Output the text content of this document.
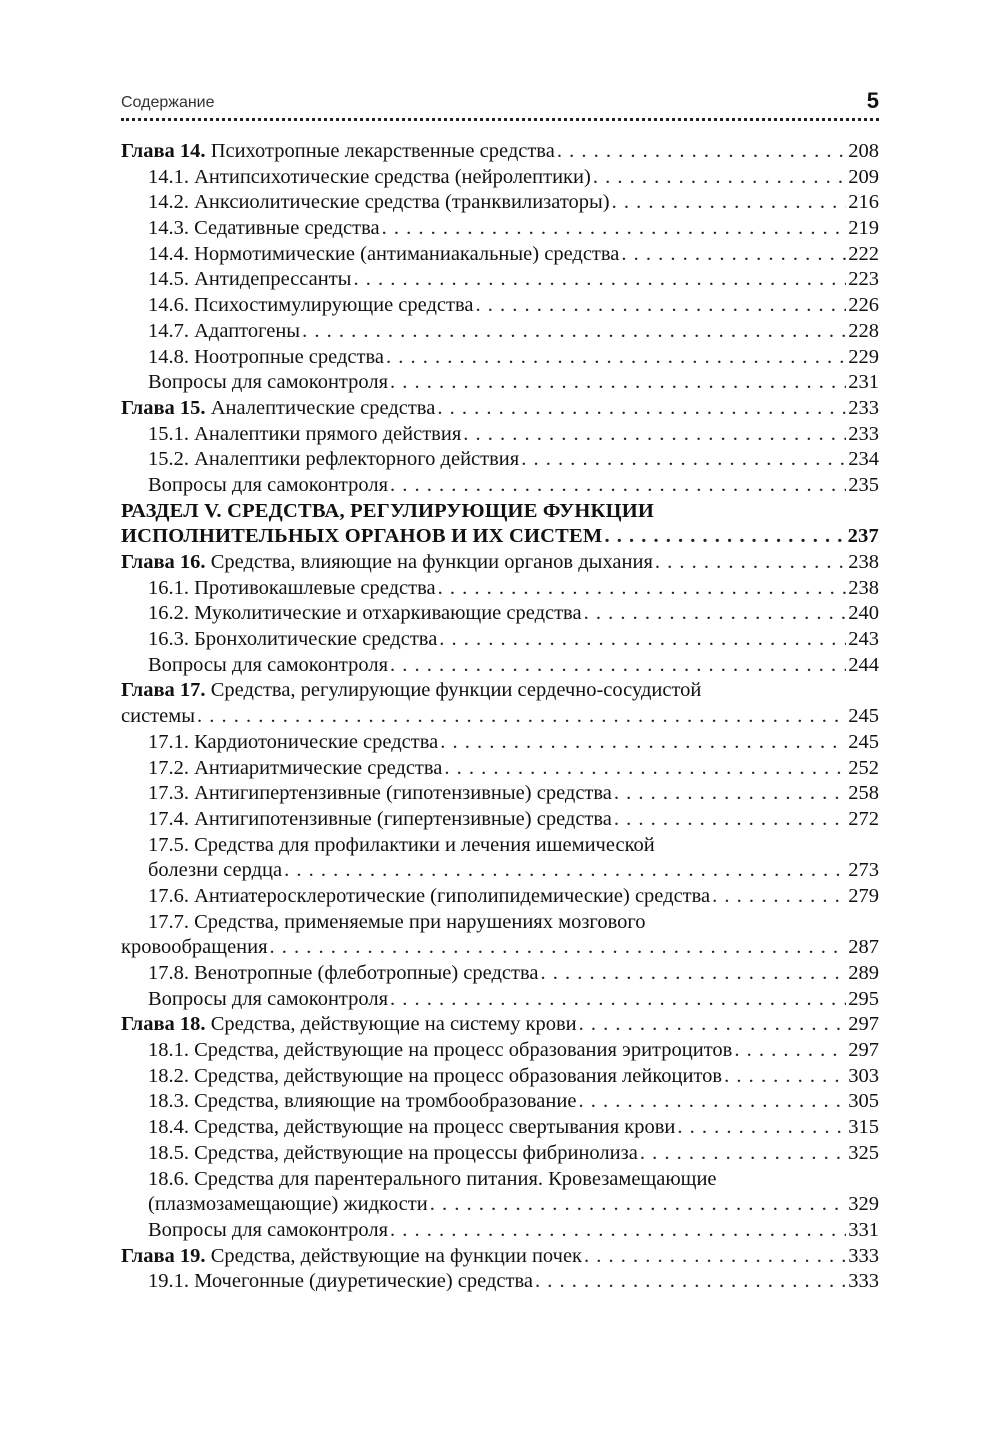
Содержание	5
Глава 14. Психотропные лекарственные средства . . .	208
14.1. Антипсихотические средства (нейролептики) . . .	209
14.2. Анксиолитические средства (транквилизаторы) . . .	216
14.3. Седативные средства . . .	219
14.4. Нормотимические (антиманиакальные) средства . . .	222
14.5. Антидепрессанты . . .	223
14.6. Психостимулирующие средства . . .	226
14.7. Адаптогены . . .	228
14.8. Ноотропные средства . . .	229
Вопросы для самоконтроля . . .	231
Глава 15. Аналептические средства . . .	233
15.1. Аналептики прямого действия . . .	233
15.2. Аналептики рефлекторного действия . . .	234
Вопросы для самоконтроля . . .	235
РАЗДЕЛ V. СРЕДСТВА, РЕГУЛИРУЮЩИЕ ФУНКЦИИ
ИСПОЛНИТЕЛЬНЫХ ОРГАНОВ И ИХ СИСТЕМ . . .	237
Глава 16. Средства, влияющие на функции органов дыхания . . .	238
16.1. Противокашлевые средства . . .	238
16.2. Муколитические и отхаркивающие средства . . .	240
16.3. Бронхолитические средства . . .	243
Вопросы для самоконтроля . . .	244
Глава 17. Средства, регулирующие функции сердечно-сосудистой
системы . . .	245
17.1. Кардиотонические средства . . .	245
17.2. Антиаритмические средства . . .	252
17.3. Антигипертензивные (гипотензивные) средства . . .	258
17.4. Антигипотензивные (гипертензивные) средства . . .	272
17.5. Средства для профилактики и лечения ишемической
болезни сердца . . .	273
17.6. Антиатеросклеротические (гиполипидемические) средства . . .	279
17.7. Средства, применяемые при нарушениях мозгового
кровообращения . . .	287
17.8. Венотропные (флеботропные) средства . . .	289
Вопросы для самоконтроля . . .	295
Глава 18. Средства, действующие на систему крови . . .	297
18.1. Средства, действующие на процесс образования эритроцитов . . .	297
18.2. Средства, действующие на процесс образования лейкоцитов . . .	303
18.3. Средства, влияющие на тромбообразование . . .	305
18.4. Средства, действующие на процесс свертывания крови . . .	315
18.5. Средства, действующие на процессы фибринолиза . . .	325
18.6. Средства для парентерального питания. Кровезамещающие
(плазмозамещающие) жидкости . . .	329
Вопросы для самоконтроля . . .	331
Глава 19. Средства, действующие на функции почек . . .	333
19.1. Мочегонные (диуретические) средства . . .	333
